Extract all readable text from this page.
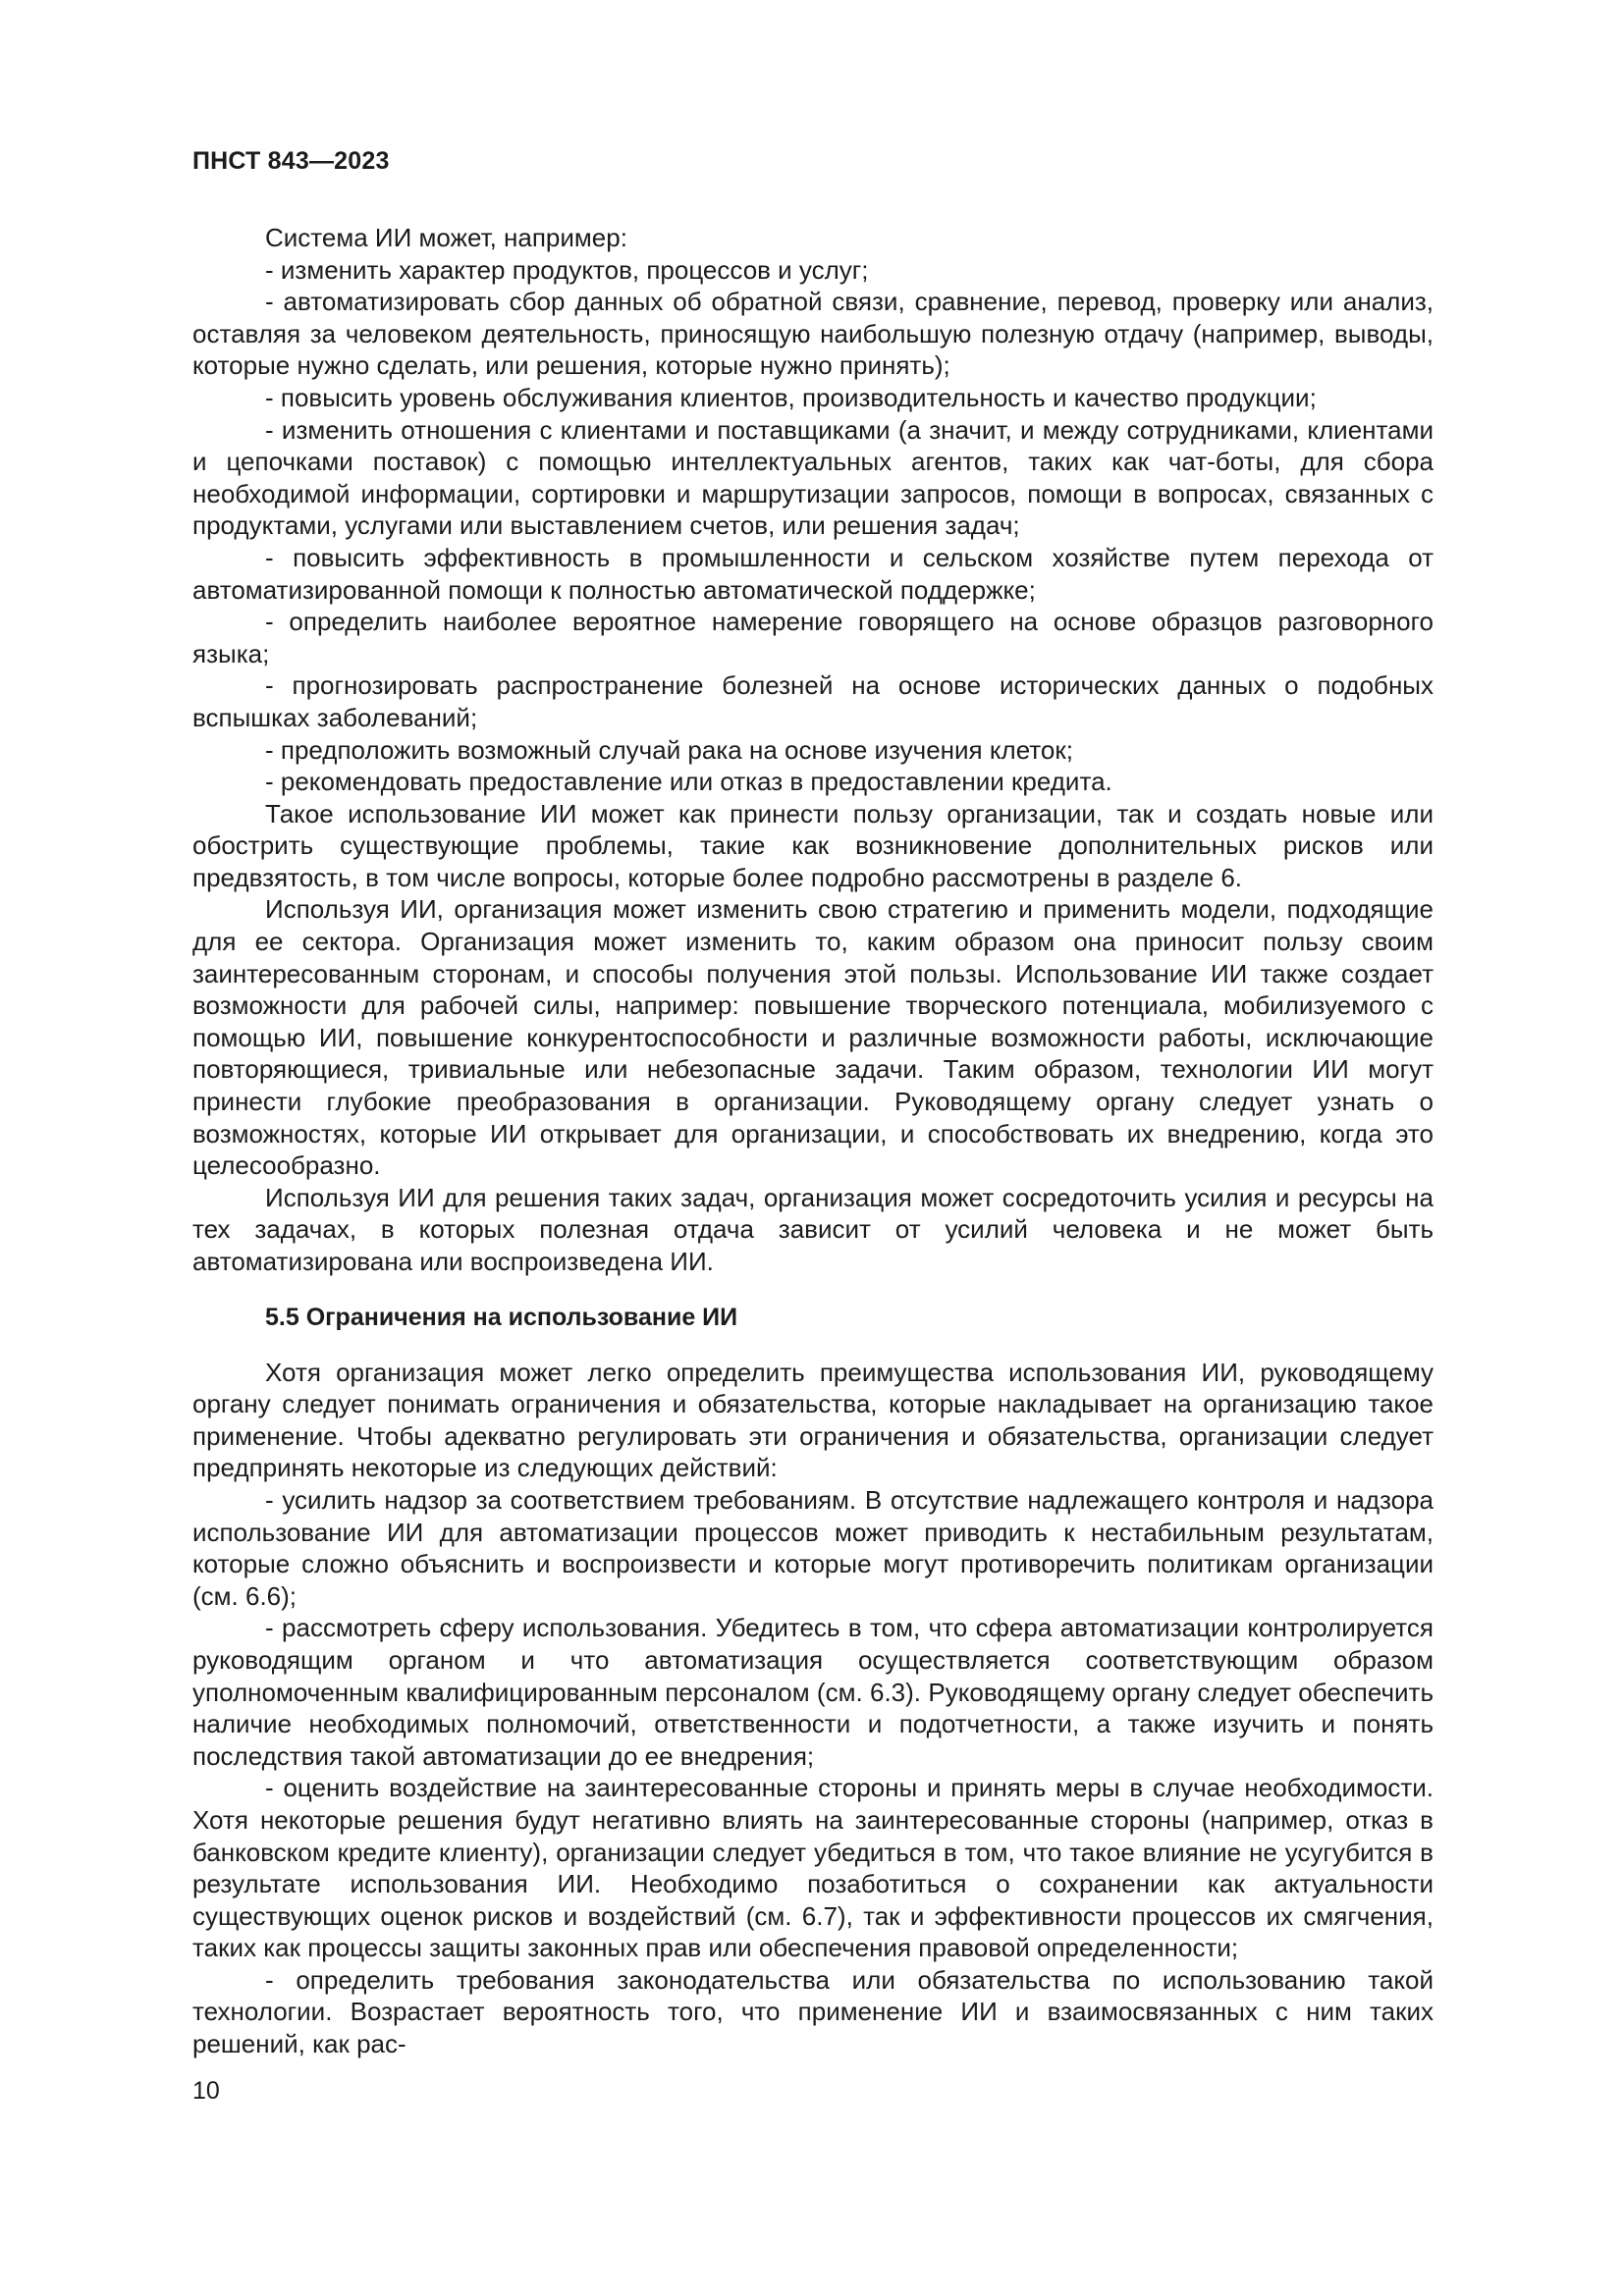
ПНСТ 843—2023

Система ИИ может, например:

- изменить характер продуктов, процессов и услуг;

- автоматизировать сбор данных об обратной связи, сравнение, перевод, проверку или анализ, оставляя за человеком деятельность, приносящую наибольшую полезную отдачу (например, выводы, которые нужно сделать, или решения, которые нужно принять);

- повысить уровень обслуживания клиентов, производительность и качество продукции;

- изменить отношения с клиентами и поставщиками (а значит, и между сотрудниками, клиентами и цепочками поставок) с помощью интеллектуальных агентов, таких как чат-боты, для сбора необходимой информации, сортировки и маршрутизации запросов, помощи в вопросах, связанных с продуктами, услугами или выставлением счетов, или решения задач;

- повысить эффективность в промышленности и сельском хозяйстве путем перехода от автоматизированной помощи к полностью автоматической поддержке;

- определить наиболее вероятное намерение говорящего на основе образцов разговорного языка;

- прогнозировать распространение болезней на основе исторических данных о подобных вспышках заболеваний;

- предположить возможный случай рака на основе изучения клеток;

- рекомендовать предоставление или отказ в предоставлении кредита.

Такое использование ИИ может как принести пользу организации, так и создать новые или обострить существующие проблемы, такие как возникновение дополнительных рисков или предвзятость, в том числе вопросы, которые более подробно рассмотрены в разделе 6.

Используя ИИ, организация может изменить свою стратегию и применить модели, подходящие для ее сектора. Организация может изменить то, каким образом она приносит пользу своим заинтересованным сторонам, и способы получения этой пользы. Использование ИИ также создает возможности для рабочей силы, например: повышение творческого потенциала, мобилизуемого с помощью ИИ, повышение конкурентоспособности и различные возможности работы, исключающие повторяющиеся, тривиальные или небезопасные задачи. Таким образом, технологии ИИ могут принести глубокие преобразования в организации. Руководящему органу следует узнать о возможностях, которые ИИ открывает для организации, и способствовать их внедрению, когда это целесообразно.

Используя ИИ для решения таких задач, организация может сосредоточить усилия и ресурсы на тех задачах, в которых полезная отдача зависит от усилий человека и не может быть автоматизирована или воспроизведена ИИ.

5.5 Ограничения на использование ИИ

Хотя организация может легко определить преимущества использования ИИ, руководящему органу следует понимать ограничения и обязательства, которые накладывает на организацию такое применение. Чтобы адекватно регулировать эти ограничения и обязательства, организации следует предпринять некоторые из следующих действий:

- усилить надзор за соответствием требованиям. В отсутствие надлежащего контроля и надзора использование ИИ для автоматизации процессов может приводить к нестабильным результатам, которые сложно объяснить и воспроизвести и которые могут противоречить политикам организации (см. 6.6);

- рассмотреть сферу использования. Убедитесь в том, что сфера автоматизации контролируется руководящим органом и что автоматизация осуществляется соответствующим образом уполномоченным квалифицированным персоналом (см. 6.3). Руководящему органу следует обеспечить наличие необходимых полномочий, ответственности и подотчетности, а также изучить и понять последствия такой автоматизации до ее внедрения;

- оценить воздействие на заинтересованные стороны и принять меры в случае необходимости. Хотя некоторые решения будут негативно влиять на заинтересованные стороны (например, отказ в банковском кредите клиенту), организации следует убедиться в том, что такое влияние не усугубится в результате использования ИИ. Необходимо позаботиться о сохранении как актуальности существующих оценок рисков и воздействий (см. 6.7), так и эффективности процессов их смягчения, таких как процессы защиты законных прав или обеспечения правовой определенности;

- определить требования законодательства или обязательства по использованию такой технологии. Возрастает вероятность того, что применение ИИ и взаимосвязанных с ним таких решений, как рас-

10
